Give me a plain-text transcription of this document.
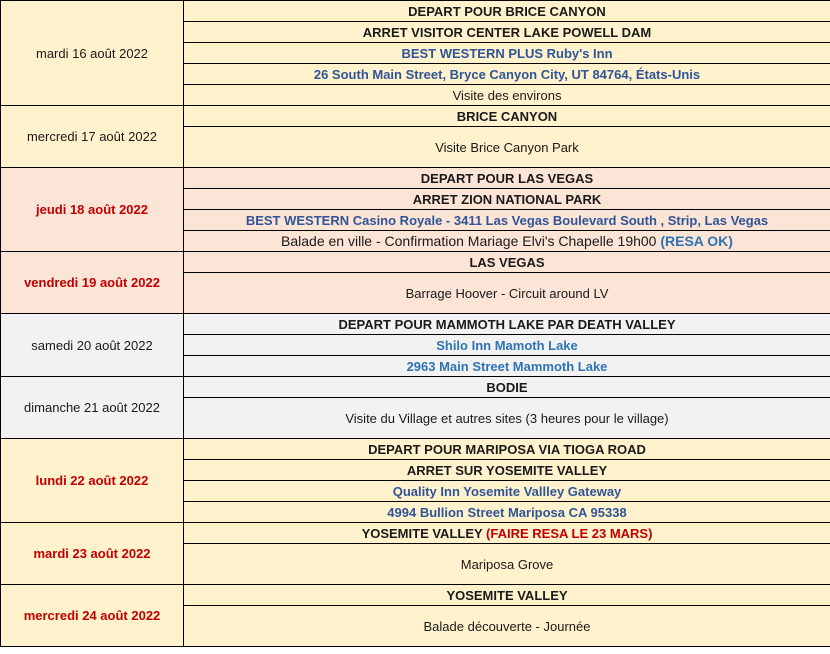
mardi 16 août 2022	DEPART POUR BRICE CANYON
	ARRET VISITOR CENTER LAKE POWELL DAM
	BEST WESTERN PLUS Ruby's Inn
	26 South Main Street, Bryce Canyon City, UT 84764, États-Unis
	Visite des environs
mercredi 17 août 2022	BRICE CANYON
	Visite Brice Canyon Park
jeudi 18 août 2022	DEPART POUR LAS VEGAS
	ARRET ZION NATIONAL PARK
	BEST WESTERN Casino Royale - 3411 Las Vegas Boulevard South , Strip, Las Vegas
	Balade en ville - Confirmation Mariage Elvi's Chapelle 19h00 (RESA OK)
vendredi 19 août 2022	LAS VEGAS
	Barrage Hoover - Circuit around LV
samedi 20 août 2022	DEPART POUR MAMMOTH LAKE PAR DEATH VALLEY
	Shilo Inn Mamoth Lake
	2963 Main Street Mammoth Lake
dimanche 21 août 2022	BODIE
	Visite du Village et autres sites (3 heures pour le village)
lundi 22 août 2022	DEPART POUR MARIPOSA VIA TIOGA ROAD
	ARRET SUR YOSEMITE VALLEY
	Quality Inn Yosemite Vallley Gateway
	4994 Bullion Street Mariposa CA 95338
mardi 23 août 2022	YOSEMITE VALLEY (FAIRE RESA LE 23 MARS)
	Mariposa Grove
mercredi 24 août 2022	YOSEMITE VALLEY
	Balade découverte - Journée
